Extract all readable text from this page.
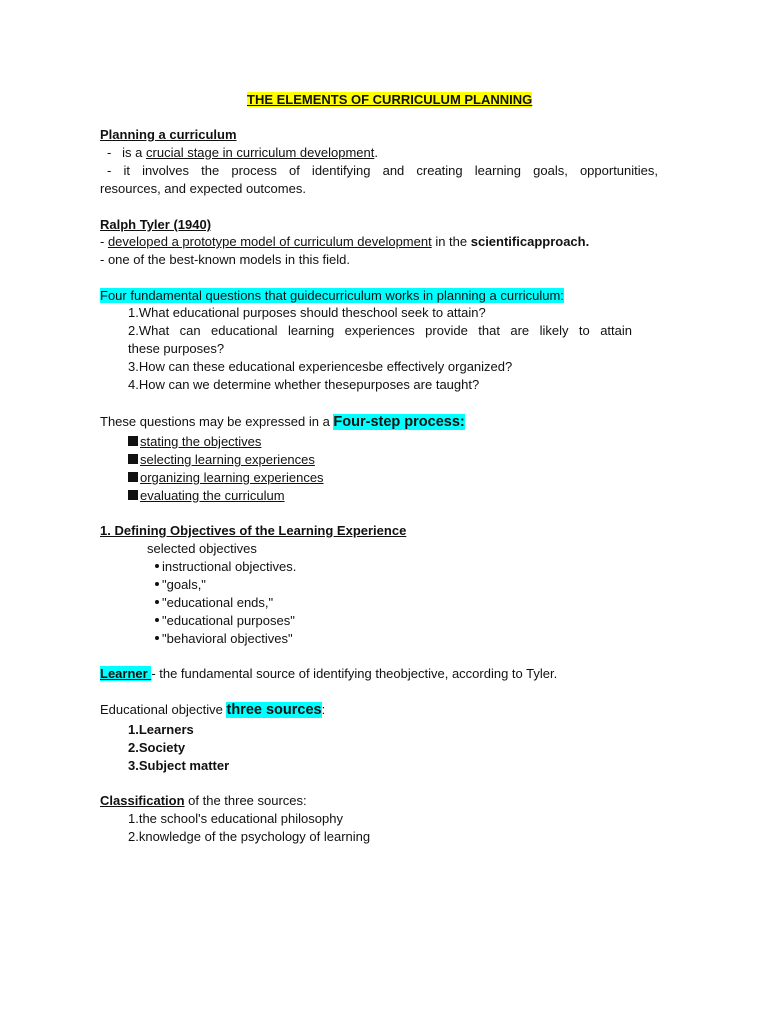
THE ELEMENTS OF CURRICULUM PLANNING
Planning a curriculum
-   is a crucial stage in curriculum development.
- it involves the process of identifying and creating learning goals, opportunities,
resources, and expected outcomes.
Ralph Tyler (1940)
- developed a prototype model of curriculum development in the scientificapproach.
- one of the best-known models in this field.
Four fundamental questions that guidecurriculum works in planning a curriculum:
1.What educational purposes should theschool seek to attain?
2.What can educational learning experiences provide that are likely to attain
these purposes?
3.How can these educational experiencesbe effectively organized?
4.How can we determine whether thesepurposes are taught?
These questions may be expressed in a Four-step process:
stating the objectives
selecting learning experiences
organizing learning experiences
evaluating the curriculum
1. Defining Objectives of the Learning Experience
selected objectives
instructional objectives.
"goals,"
"educational ends,"
"educational purposes"
"behavioral objectives"
Learner - the fundamental source of identifying theobjective, according to Tyler.
Educational objective three sources:
1.Learners
2.Society
3.Subject matter
Classification of the three sources:
1.the school's educational philosophy
2.knowledge of the psychology of learning
